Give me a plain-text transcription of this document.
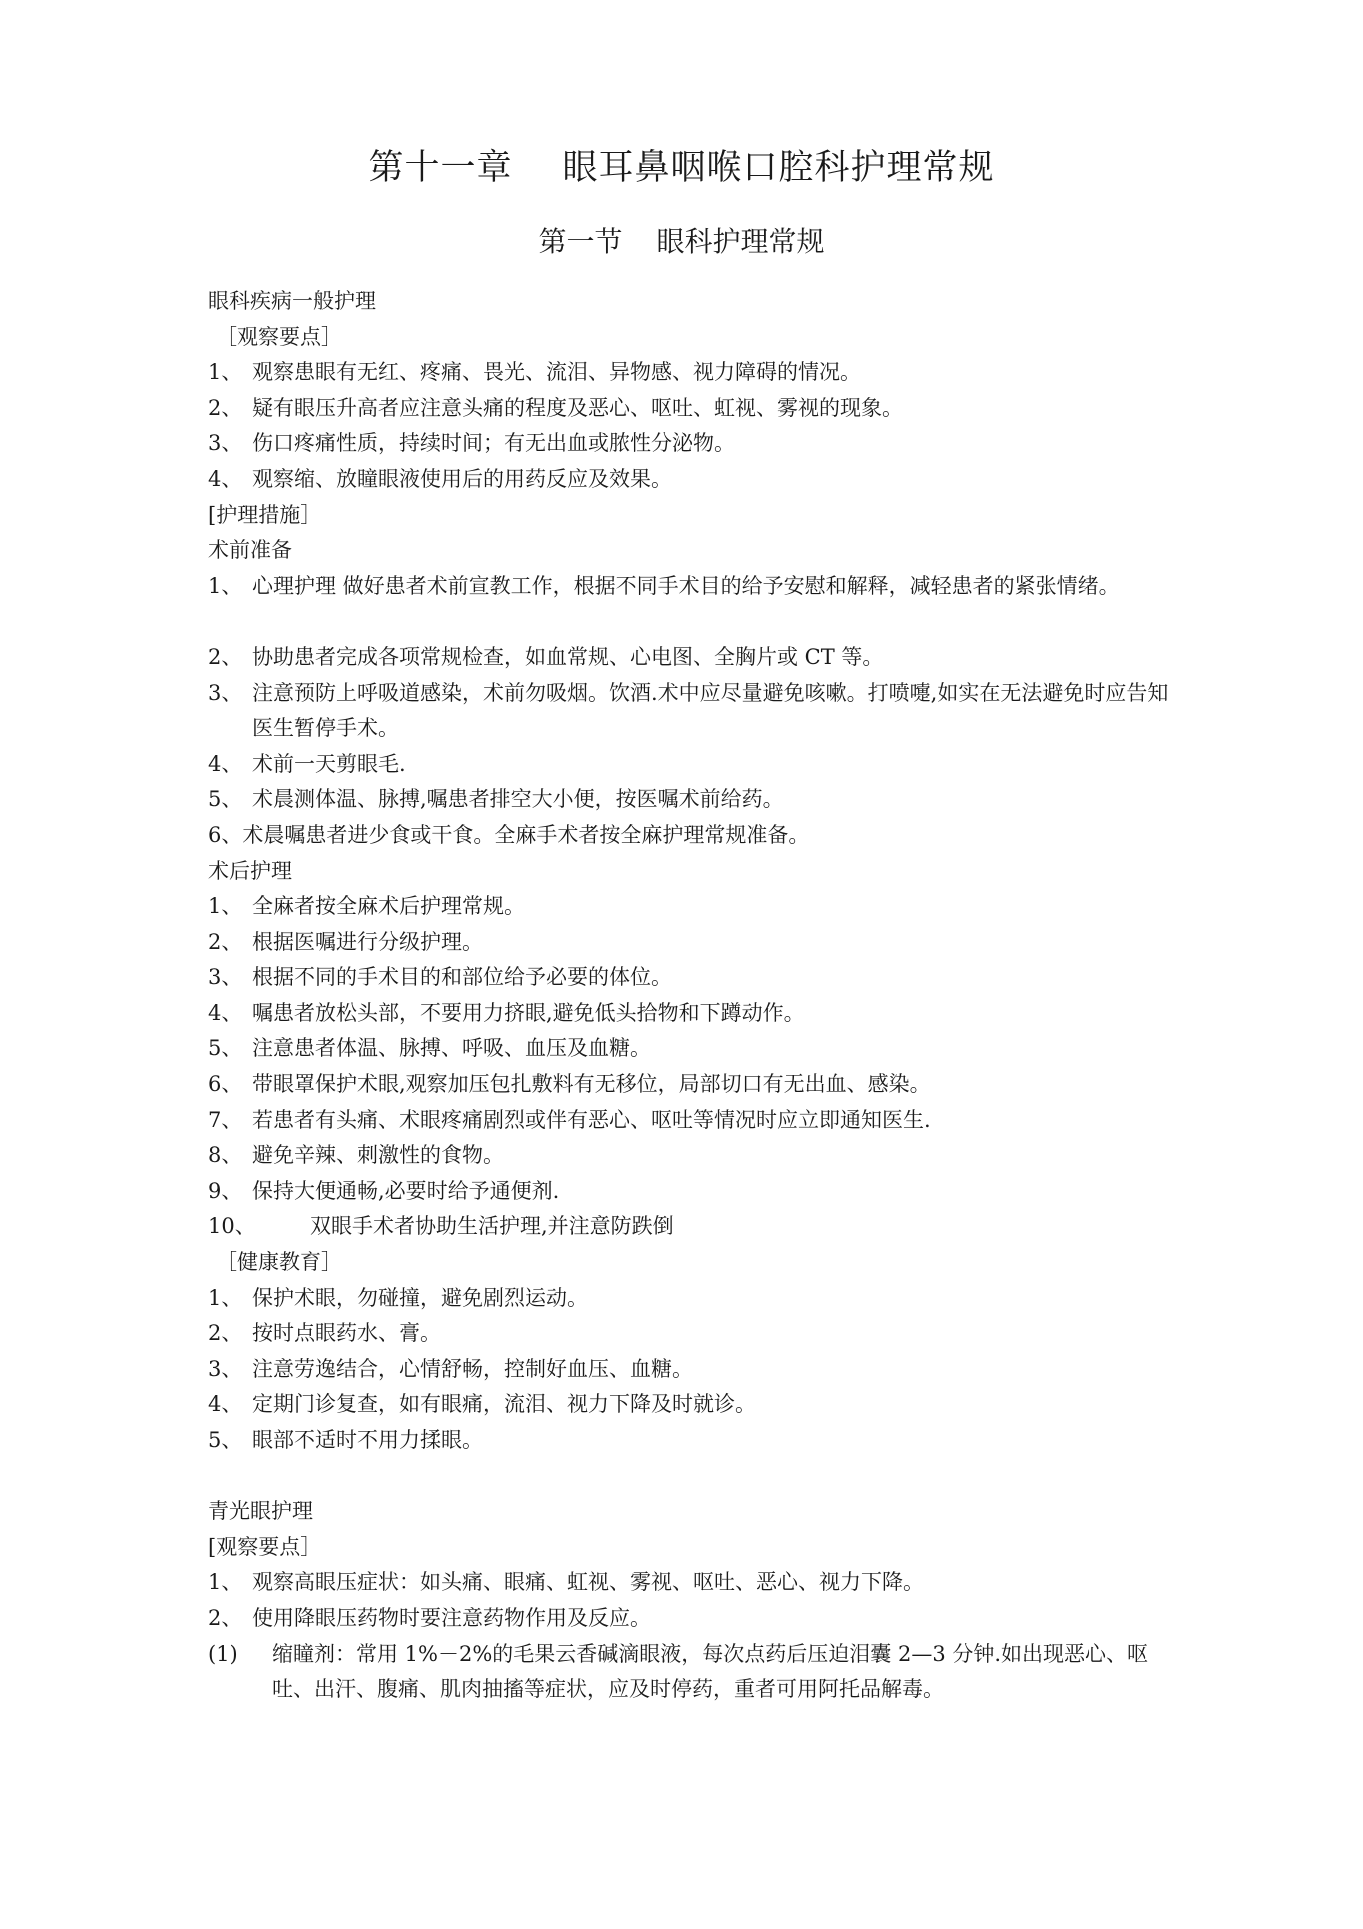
第十一章 眼耳鼻咽喉口腔科护理常规
第一节 眼科护理常规
眼科疾病一般护理
［观察要点］
1、 观察患眼有无红、疼痛、畏光、流泪、异物感、视力障碍的情况。
2、 疑有眼压升高者应注意头痛的程度及恶心、呕吐、虹视、雾视的现象。
3、 伤口疼痛性质，持续时间；有无出血或脓性分泌物。
4、 观察缩、放瞳眼液使用后的用药反应及效果。
[护理措施］
术前准备
1、 心理护理 做好患者术前宣教工作，根据不同手术目的给予安慰和解释，减轻患者的紧张情绪。
2、 协助患者完成各项常规检查，如血常规、心电图、全胸片或 CT 等。
3、 注意预防上呼吸道感染，术前勿吸烟。饮酒.术中应尽量避免咳嗽。打喷嚏,如实在无法避免时应告知医生暂停手术。
4、 术前一天剪眼毛.
5、 术晨测体温、脉搏,嘱患者排空大小便，按医嘱术前给药。
6、术晨嘱患者进少食或干食。全麻手术者按全麻护理常规准备。
术后护理
1、 全麻者按全麻术后护理常规。
2、 根据医嘱进行分级护理。
3、 根据不同的手术目的和部位给予必要的体位。
4、 嘱患者放松头部，不要用力挤眼,避免低头拾物和下蹲动作。
5、 注意患者体温、脉搏、呼吸、血压及血糖。
6、 带眼罩保护术眼,观察加压包扎敷料有无移位，局部切口有无出血、感染。
7、 若患者有头痛、术眼疼痛剧烈或伴有恶心、呕吐等情况时应立即通知医生.
8、 避免辛辣、刺激性的食物。
9、 保持大便通畅,必要时给予通便剂.
10、	双眼手术者协助生活护理,并注意防跌倒
［健康教育］
1、 保护术眼，勿碰撞，避免剧烈运动。
2、 按时点眼药水、膏。
3、 注意劳逸结合，心情舒畅，控制好血压、血糖。
4、 定期门诊复查，如有眼痛，流泪、视力下降及时就诊。
5、 眼部不适时不用力揉眼。
青光眼护理
[观察要点］
1、 观察高眼压症状：如头痛、眼痛、虹视、雾视、呕吐、恶心、视力下降。
2、 使用降眼压药物时要注意药物作用及反应。
(1)	缩瞳剂：常用 1%－2%的毛果云香碱滴眼液，每次点药后压迫泪囊 2—3 分钟.如出现恶心、呕吐、出汗、腹痛、肌肉抽搐等症状，应及时停药，重者可用阿托品解毒。
